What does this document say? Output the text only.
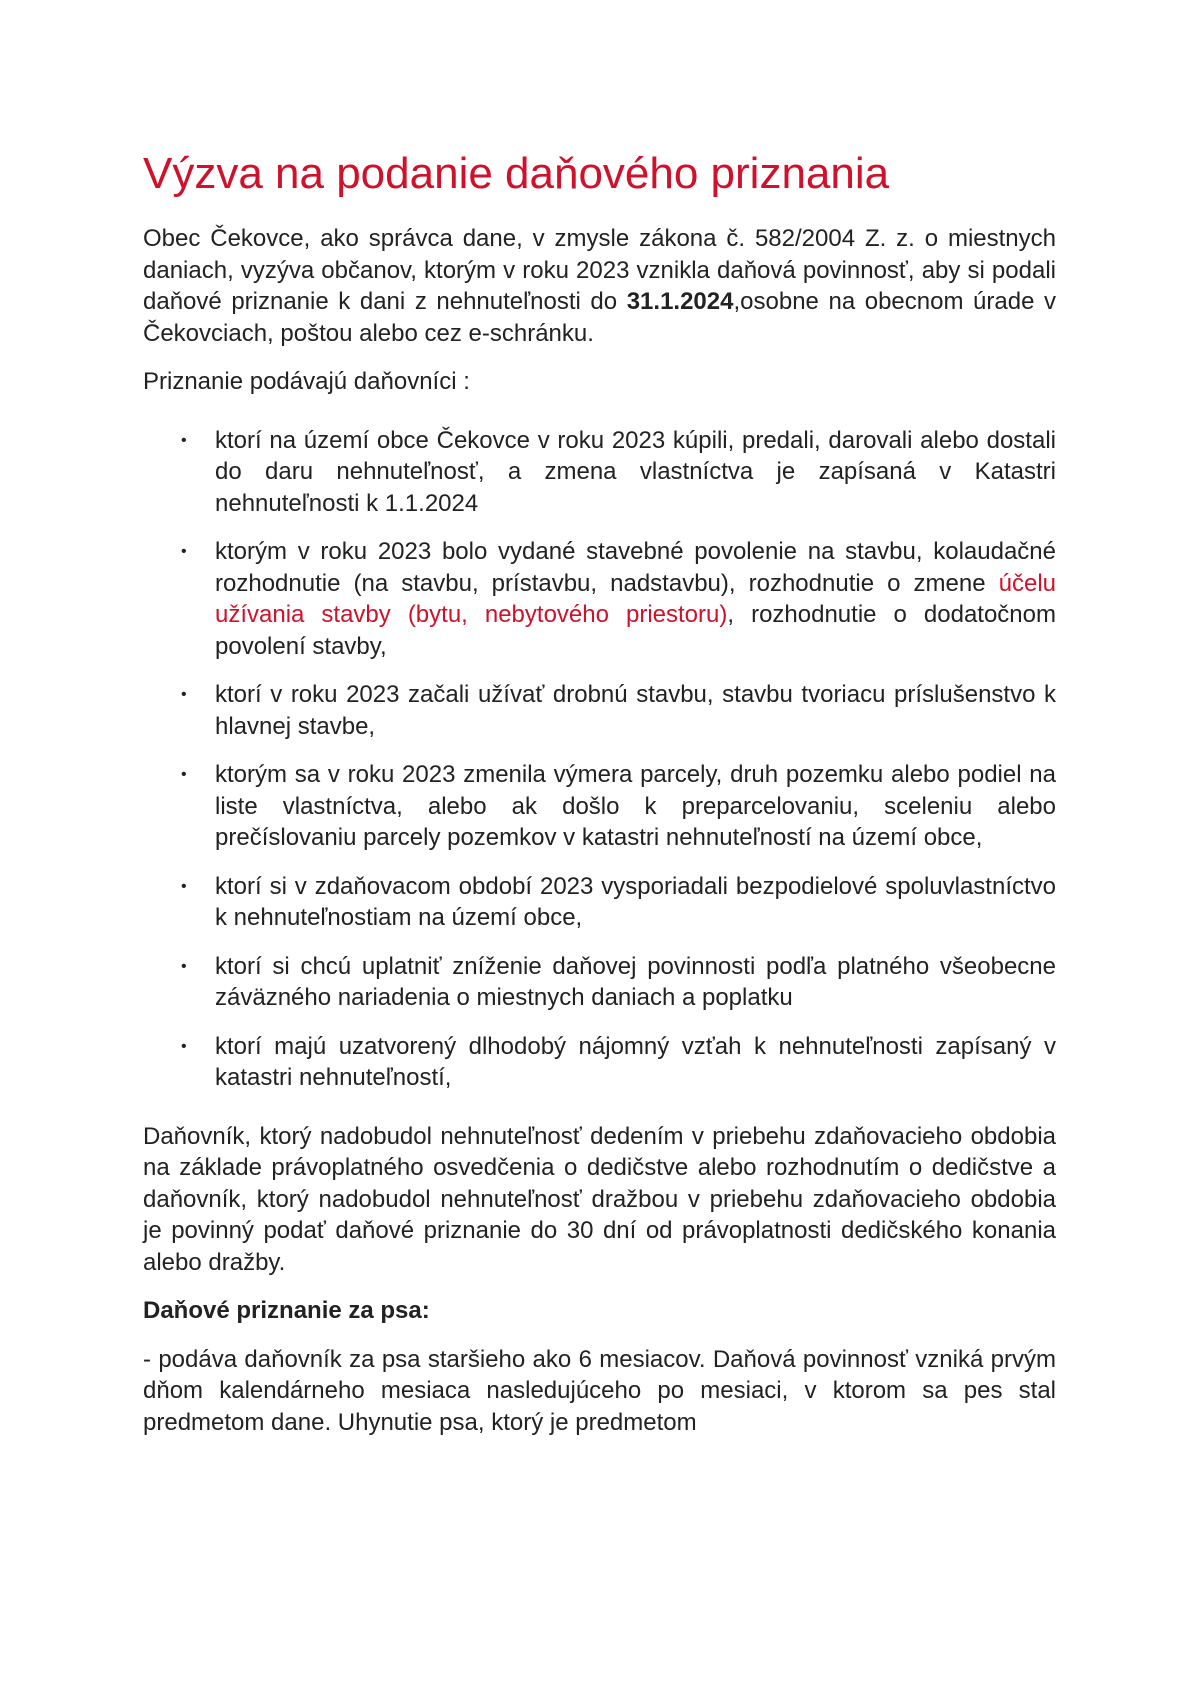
Výzva na podanie daňového priznania

Obec Čekovce, ako správca dane, v zmysle zákona č. 582/2004 Z. z. o miestnych daniach, vyzýva občanov, ktorým v roku 2023 vznikla daňová povinnosť, aby si podali daňové priznanie k dani z nehnuteľnosti do 31.1.2024,osobne na obecnom úrade v Čekovciach, poštou alebo cez e-schránku.

Priznanie podávajú daňovníci :

• ktorí na území obce Čekovce v roku 2023 kúpili, predali, darovali alebo dostali do daru nehnuteľnosť, a zmena vlastníctva je zapísaná v Katastri nehnuteľnosti k 1.1.2024
• ktorým v roku 2023 bolo vydané stavebné povolenie na stavbu, kolaudačné rozhodnutie (na stavbu, prístavbu, nadstavbu), rozhodnutie o zmene účelu užívania stavby (bytu, nebytového priestoru), rozhodnutie o dodatočnom povolení stavby,
• ktorí v roku 2023 začali užívať drobnú stavbu, stavbu tvoriacu príslušenstvo k hlavnej stavbe,
• ktorým sa v roku 2023 zmenila výmera parcely, druh pozemku alebo podiel na liste vlastníctva, alebo ak došlo k preparcelovaniu, sceleniu alebo prečíslovaniu parcely pozemkov v katastri nehnuteľností na území obce,
• ktorí si v zdaňovacom období 2023 vysporiadali bezpodielové spoluvlastníctvo k nehnuteľnostiam na území obce,
• ktorí si chcú uplatniť zníženie daňovej povinnosti podľa platného všeobecne záväzného nariadenia o miestnych daniach a poplatku
• ktorí majú uzatvorený dlhodobý nájomný vzťah k nehnuteľnosti zapísaný v katastri nehnuteľností,

Daňovník, ktorý nadobudol nehnuteľnosť dedením v priebehu zdaňovacieho obdobia na základe právoplatného osvedčenia o dedičstve alebo rozhodnutím o dedičstve a daňovník, ktorý nadobudol nehnuteľnosť dražbou v priebehu zdaňovacieho obdobia je povinný podať daňové priznanie do 30 dní od právoplatnosti dedičského konania alebo dražby.

Daňové priznanie za psa:

- podáva daňovník za psa staršieho ako 6 mesiacov. Daňová povinnosť vzniká prvým dňom kalendárneho mesiaca nasledujúceho po mesiaci, v ktorom sa pes stal predmetom dane. Uhynutie psa, ktorý je predmetom
